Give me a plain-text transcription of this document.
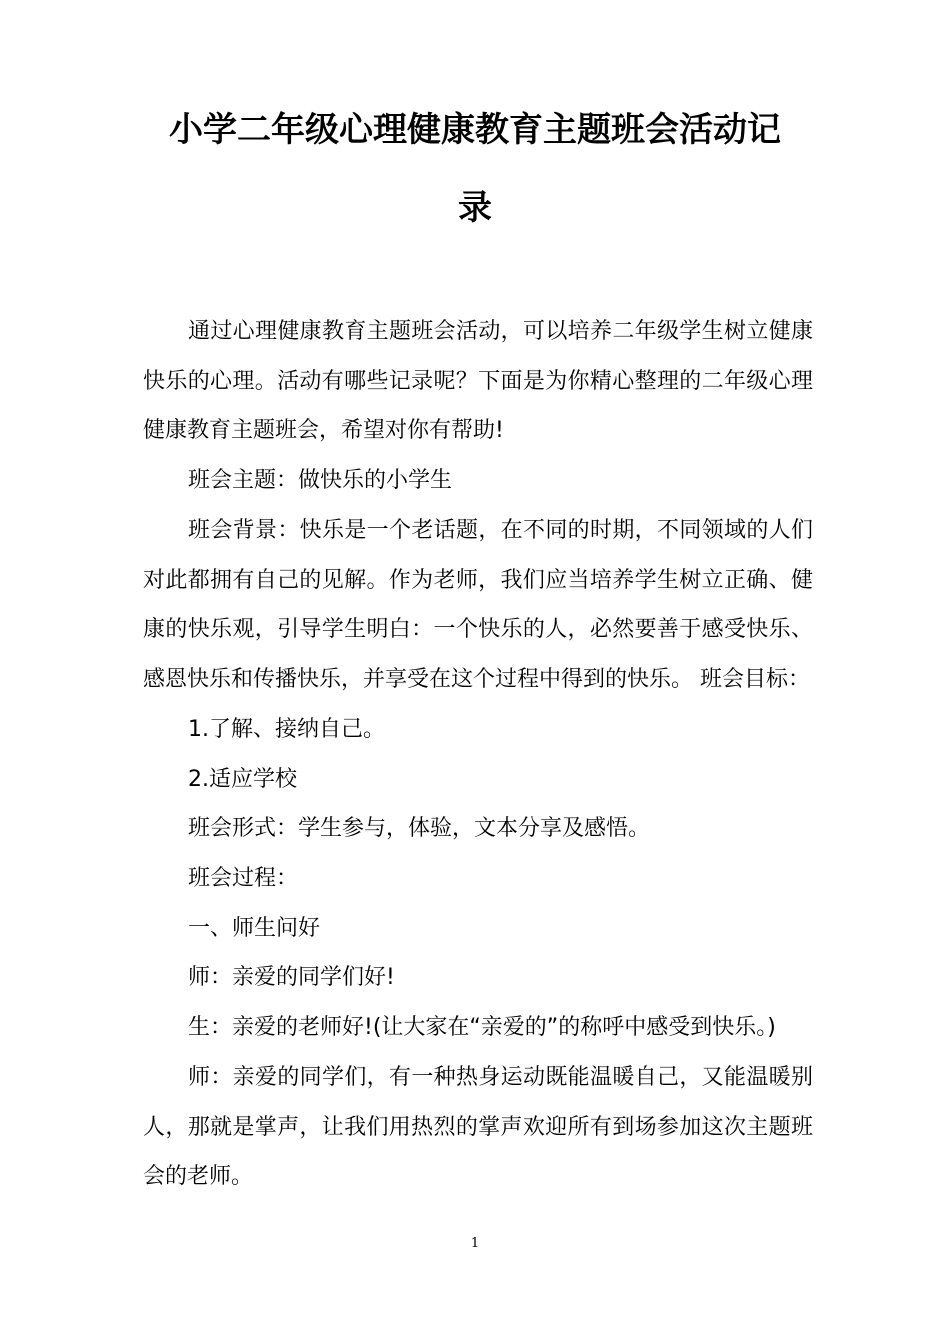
小学二年级心理健康教育主题班会活动记
录

通过心理健康教育主题班会活动，可以培养二年级学生树立健康快乐的心理。活动有哪些记录呢？下面是为你精心整理的二年级心理健康教育主题班会，希望对你有帮助!

班会主题：做快乐的小学生

班会背景：快乐是一个老话题，在不同的时期，不同领域的人们对此都拥有自己的见解。作为老师，我们应当培养学生树立正确、健康的快乐观，引导学生明白：一个快乐的人，必然要善于感受快乐、感恩快乐和传播快乐，并享受在这个过程中得到的快乐。 班会目标：

1.了解、接纳自己。

2.适应学校

班会形式：学生参与，体验，文本分享及感悟。

班会过程：

一、师生问好

师：亲爱的同学们好!

生：亲爱的老师好!(让大家在“亲爱的”的称呼中感受到快乐。)

师：亲爱的同学们，有一种热身运动既能温暖自己，又能温暖别人，那就是掌声，让我们用热烈的掌声欢迎所有到场参加这次主题班会的老师。

1
